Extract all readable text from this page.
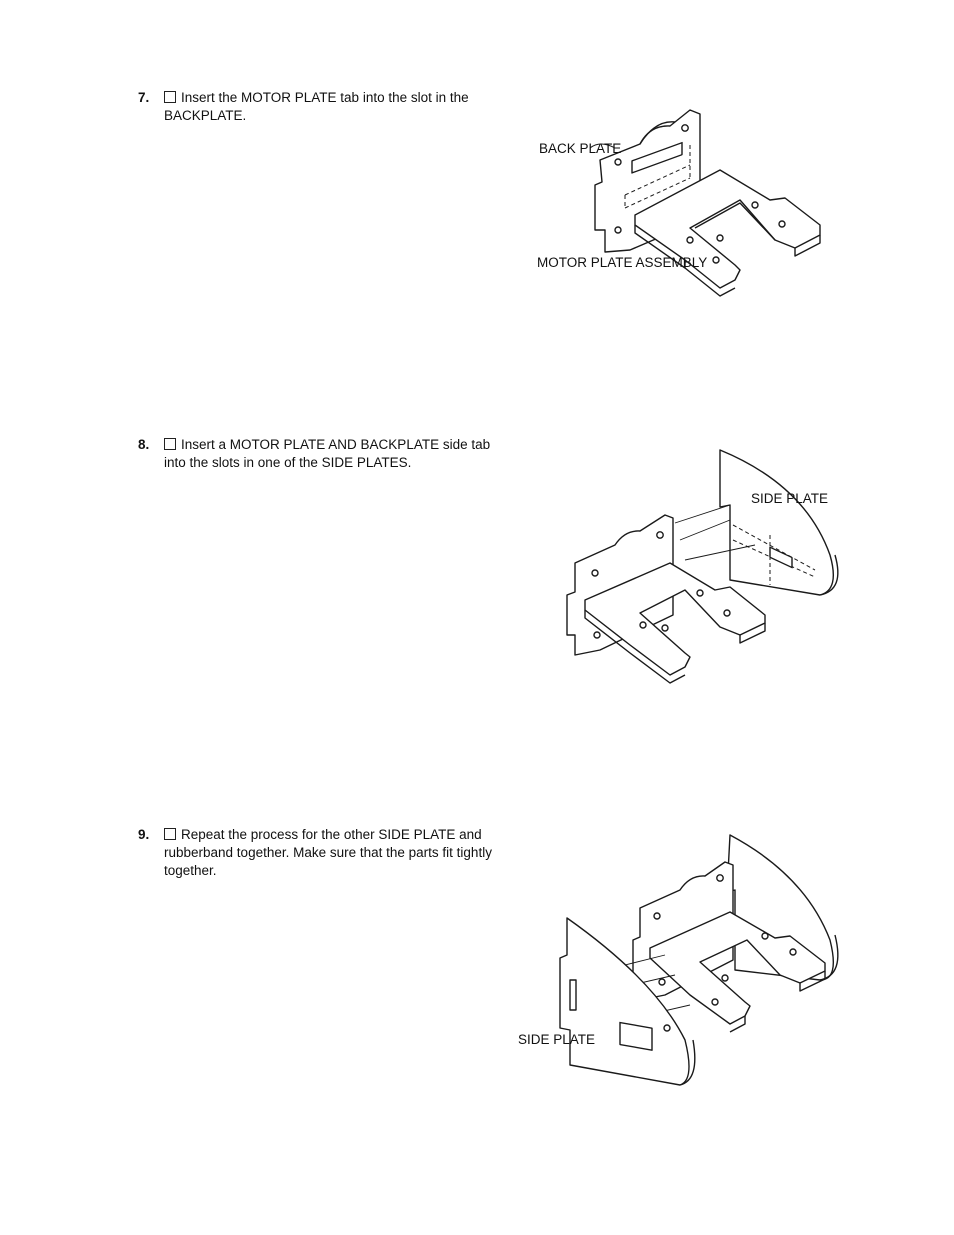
7.	Insert the MOTOR PLATE tab into the slot in the BACKPLATE.
8.	Insert a MOTOR PLATE AND BACKPLATE side tab into the slots in one of the SIDE PLATES.
9.	Repeat the process for the other SIDE PLATE and rubberband together. Make sure that the parts fit tightly together.
BACK PLATE
MOTOR PLATE ASSEMBLY
SIDE PLATE
SIDE PLATE
